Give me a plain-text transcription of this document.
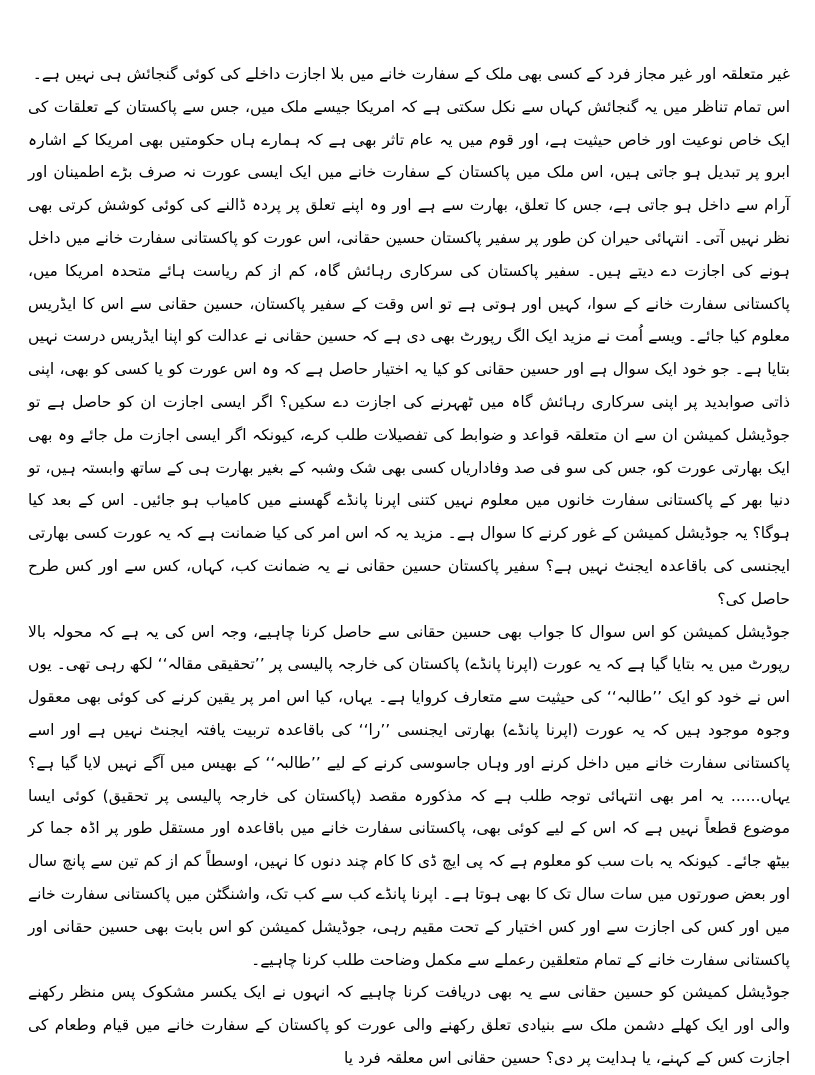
غیر متعلقہ اور غیر مجاز فرد کے کسی بھی ملک کے سفارت خانے میں بلا اجازت داخلے کی کوئی گنجائش ہی نہیں ہے۔

اس تمام تناظر میں یہ گنجائش کہاں سے نکل سکتی ہے کہ امریکا جیسے ملک میں، جس سے پاکستان کے تعلقات کی ایک خاص نوعیت اور خاص حیثیت ہے، اور قوم میں یہ عام تاثر بھی ہے کہ ہمارے ہاں حکومتیں بھی امریکا کے اشارہ ابرو پر تبدیل ہو جاتی ہیں، اس ملک میں پاکستان کے سفارت خانے میں ایک ایسی عورت نہ صرف بڑے اطمینان اور آرام سے داخل ہو جاتی ہے، جس کا تعلق، بھارت سے ہے اور وہ اپنے تعلق پر پردہ ڈالنے کی کوئی کوشش کرتی بھی نظر نہیں آتی۔ انتہائی حیران کن طور پر سفیر پاکستان حسین حقانی، اس عورت کو پاکستانی سفارت خانے میں داخل ہونے کی اجازت دے دیتے ہیں۔ سفیر پاکستان کی سرکاری رہائش گاہ، کم از کم ریاست ہائے متحدہ امریکا میں، پاکستانی سفارت خانے کے سوا، کہیں اور ہوتی ہے تو اس وقت کے سفیر پاکستان، حسین حقانی سے اس کا ایڈریس معلوم کیا جائے۔ ویسے اُمت نے مزید ایک الگ رپورٹ بھی دی ہے کہ حسین حقانی نے عدالت کو اپنا ایڈریس درست نہیں بتایا ہے۔ جو خود ایک سوال ہے اور حسین حقانی کو کیا یہ اختیار حاصل ہے کہ وہ اس عورت کو یا کسی کو بھی، اپنی ذاتی صوابدید پر اپنی سرکاری رہائش گاہ میں ٹھہرنے کی اجازت دے سکیں؟ اگر ایسی اجازت ان کو حاصل ہے تو جوڈیشل کمیشن ان سے ان متعلقہ قواعد و ضوابط کی تفصیلات طلب کرے، کیونکہ اگر ایسی اجازت مل جائے وہ بھی ایک بھارتی عورت کو، جس کی سو فی صد وفاداریاں کسی بھی شک وشبہ کے بغیر بھارت ہی کے ساتھ وابستہ ہیں، تو دنیا بھر کے پاکستانی سفارت خانوں میں معلوم نہیں کتنی اپرنا پانڈے گھسنے میں کامیاب ہو جائیں۔ اس کے بعد کیا ہوگا؟ یہ جوڈیشل کمیشن کے غور کرنے کا سوال ہے۔ مزید یہ کہ اس امر کی کیا ضمانت ہے کہ یہ عورت کسی بھارتی ایجنسی کی باقاعدہ ایجنٹ نہیں ہے؟ سفیر پاکستان حسین حقانی نے یہ ضمانت کب، کہاں، کس سے اور کس طرح حاصل کی؟

جوڈیشل کمیشن کو اس سوال کا جواب بھی حسین حقانی سے حاصل کرنا چاہیے، وجہ اس کی یہ ہے کہ محولہ بالا رپورٹ میں یہ بتایا گیا ہے کہ یہ عورت (اپرنا پانڈے) پاکستان کی خارجہ پالیسی پر ’’تحقیقی مقالہ‘‘ لکھ رہی تھی۔ یوں اس نے خود کو ایک ’’طالبہ‘‘ کی حیثیت سے متعارف کروایا ہے۔ یہاں، کیا اس امر پر یقین کرنے کی کوئی بھی معقول وجوہ موجود ہیں کہ یہ عورت (اپرنا پانڈے) بھارتی ایجنسی ’’را‘‘ کی باقاعدہ تربیت یافتہ ایجنٹ نہیں ہے اور اسے پاکستانی سفارت خانے میں داخل کرنے اور وہاں جاسوسی کرنے کے لیے ’’طالبہ‘‘ کے بھیس میں آگے نہیں لایا گیا ہے؟ یہاں...... یہ امر بھی انتہائی توجہ طلب ہے کہ مذکورہ مقصد (پاکستان کی خارجہ پالیسی پر تحقیق) کوئی ایسا موضوع قطعاً نہیں ہے کہ اس کے لیے کوئی بھی، پاکستانی سفارت خانے میں باقاعدہ اور مستقل طور پر اڈہ جما کر بیٹھ جائے۔ کیونکہ یہ بات سب کو معلوم ہے کہ پی ایچ ڈی کا کام چند دنوں کا نہیں، اوسطاً کم از کم تین سے پانچ سال اور بعض صورتوں میں سات سال تک کا بھی ہوتا ہے۔ اپرنا پانڈے کب سے کب تک، واشنگٹن میں پاکستانی سفارت خانے میں اور کس کی اجازت سے اور کس اختیار کے تحت مقیم رہی، جوڈیشل کمیشن کو اس بابت بھی حسین حقانی اور پاکستانی سفارت خانے کے تمام متعلقین رعملے سے مکمل وضاحت طلب کرنا چاہیے۔

جوڈیشل کمیشن کو حسین حقانی سے یہ بھی دریافت کرنا چاہیے کہ انہوں نے ایک یکسر مشکوک پس منظر رکھنے والی اور ایک کھلے دشمن ملک سے بنیادی تعلق رکھنے والی عورت کو پاکستان کے سفارت خانے میں قیام وطعام کی اجازت کس کے کہنے، یا ہدایت پر دی؟ حسین حقانی اس معلقہ فرد یا
